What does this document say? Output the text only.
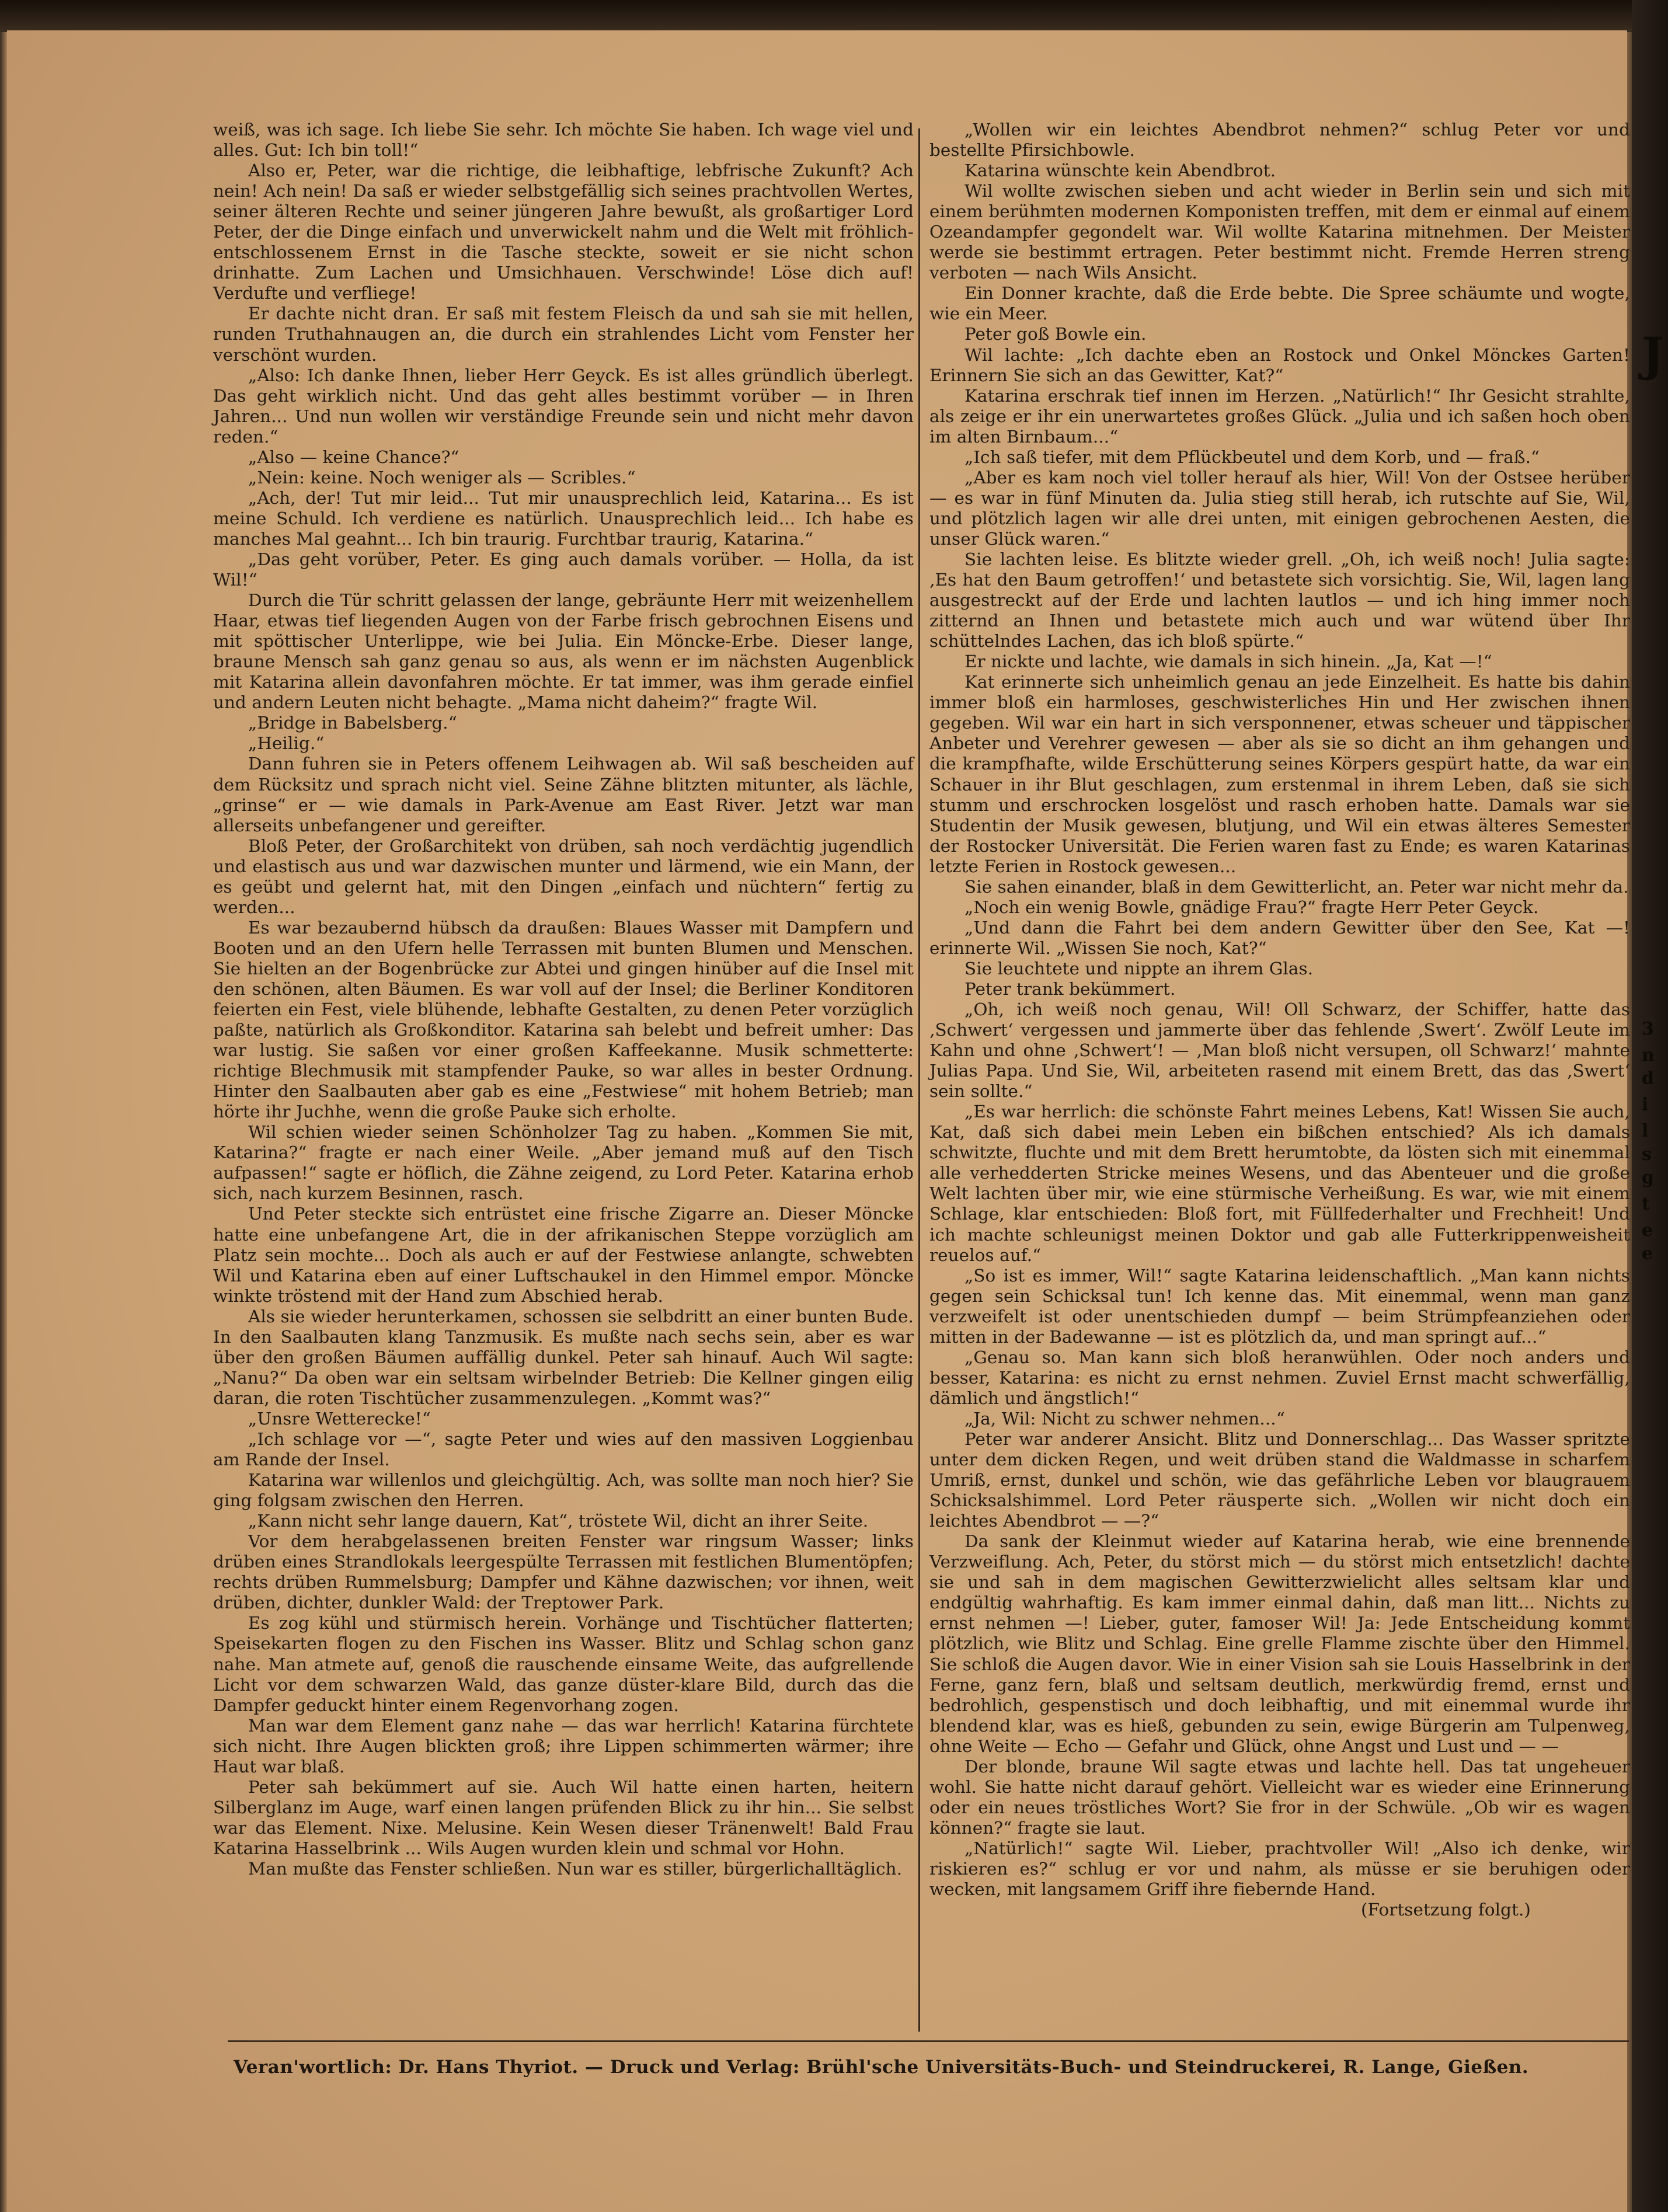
weiß, was ich sage. Ich liebe Sie sehr. Ich möchte Sie haben. Ich wage viel und alles. Gut: Ich bin toll!“

Also er, Peter, war die richtige, die leibhaftige, lebfrische Zukunft? Ach nein! Ach nein! Da saß er wieder selbstgefällig sich seines prachtvollen Wertes, seiner älteren Rechte und seiner jüngeren Jahre bewußt, als großartiger Lord Peter, der die Dinge einfach und unverwickelt nahm und die Welt mit fröhlich-entschlossenem Ernst in die Tasche steckte, soweit er sie nicht schon drinhatte. Zum Lachen und Umsichhauen. Verschwinde! Löse dich auf! Verdufte und verfliege!

Er dachte nicht dran. Er saß mit festem Fleisch da und sah sie mit hellen, runden Truthahnaugen an, die durch ein strahlendes Licht vom Fenster her verschönt wurden.

„Also: Ich danke Ihnen, lieber Herr Geyck. Es ist alles gründlich überlegt. Das geht wirklich nicht. Und das geht alles bestimmt vorüber — in Ihren Jahren... Und nun wollen wir verständige Freunde sein und nicht mehr davon reden.“

„Also — keine Chance?“

„Nein: keine. Noch weniger als — Scribles.“

„Ach, der! Tut mir leid... Tut mir unausprechlich leid, Katarina... Es ist meine Schuld. Ich verdiene es natürlich. Unausprechlich leid... Ich habe es manches Mal geahnt... Ich bin traurig. Furchtbar traurig, Katarina.“

„Das geht vorüber, Peter. Es ging auch damals vorüber. — Holla, da ist Wil!“

Durch die Tür schritt gelassen der lange, gebräunte Herr mit weizenhellem Haar, etwas tief liegenden Augen von der Farbe frisch gebrochnen Eisens und mit spöttischer Unterlippe, wie bei Julia. Ein Möncke-Erbe. Dieser lange, braune Mensch sah ganz genau so aus, als wenn er im nächsten Augenblick mit Katarina allein davonfahren möchte. Er tat immer, was ihm gerade einfiel und andern Leuten nicht behagte. „Mama nicht daheim?“ fragte Wil.

„Bridge in Babelsberg.“

„Heilig.“

Dann fuhren sie in Peters offenem Leihwagen ab. Wil saß bescheiden auf dem Rücksitz und sprach nicht viel. Seine Zähne blitzten mitunter, als lächle, „grinse“ er — wie damals in Park-Avenue am East River. Jetzt war man allerseits unbefangener und gereifter.

Bloß Peter, der Großarchitekt von drüben, sah noch verdächtig jugendlich und elastisch aus und war dazwischen munter und lärmend, wie ein Mann, der es geübt und gelernt hat, mit den Dingen „einfach und nüchtern“ fertig zu werden...

Es war bezaubernd hübsch da draußen: Blaues Wasser mit Dampfern und Booten und an den Ufern helle Terrassen mit bunten Blumen und Menschen. Sie hielten an der Bogenbrücke zur Abtei und gingen hinüber auf die Insel mit den schönen, alten Bäumen. Es war voll auf der Insel; die Berliner Konditoren feierten ein Fest, viele blühende, lebhafte Gestalten, zu denen Peter vorzüglich paßte, natürlich als Großkonditor. Katarina sah belebt und befreit umher: Das war lustig. Sie saßen vor einer großen Kaffeekanne. Musik schmetterte: richtige Blechmusik mit stampfender Pauke, so war alles in bester Ordnung. Hinter den Saalbauten aber gab es eine „Festwiese“ mit hohem Betrieb; man hörte ihr Juchhe, wenn die große Pauke sich erholte.

Wil schien wieder seinen Schönholzer Tag zu haben. „Kommen Sie mit, Katarina?“ fragte er nach einer Weile. „Aber jemand muß auf den Tisch aufpassen!“ sagte er höflich, die Zähne zeigend, zu Lord Peter. Katarina erhob sich, nach kurzem Besinnen, rasch.

Und Peter steckte sich entrüstet eine frische Zigarre an. Dieser Möncke hatte eine unbefangene Art, die in der afrikanischen Steppe vorzüglich am Platz sein mochte... Doch als auch er auf der Festwiese anlangte, schwebten Wil und Katarina eben auf einer Luftschaukel in den Himmel empor. Möncke winkte tröstend mit der Hand zum Abschied herab.

Als sie wieder herunterkamen, schossen sie selbdritt an einer bunten Bude. In den Saalbauten klang Tanzmusik. Es mußte nach sechs sein, aber es war über den großen Bäumen auffällig dunkel. Peter sah hinauf. Auch Wil sagte: „Nanu?“ Da oben war ein seltsam wirbelnder Betrieb: Die Kellner gingen eilig daran, die roten Tischtücher zusammenzulegen. „Kommt was?“

„Unsre Wetterecke!“

„Ich schlage vor —“, sagte Peter und wies auf den massiven Loggienbau am Rande der Insel.

Katarina war willenlos und gleichgültig. Ach, was sollte man noch hier? Sie ging folgsam zwischen den Herren.

„Kann nicht sehr lange dauern, Kat“, tröstete Wil, dicht an ihrer Seite.

Vor dem herabgelassenen breiten Fenster war ringsum Wasser; links drüben eines Strandlokals leergespülte Terrassen mit festlichen Blumentöpfen; rechts drüben Rummelsburg; Dampfer und Kähne dazwischen; vor ihnen, weit drüben, dichter, dunkler Wald: der Treptower Park.

Es zog kühl und stürmisch herein. Vorhänge und Tischtücher flatterten; Speisekarten flogen zu den Fischen ins Wasser. Blitz und Schlag schon ganz nahe. Man atmete auf, genoß die rauschende einsame Weite, das aufgrellende Licht vor dem schwarzen Wald, das ganze düster-klare Bild, durch das die Dampfer geduckt hinter einem Regenvorhang zogen.

Man war dem Element ganz nahe — das war herrlich! Katarina fürchtete sich nicht. Ihre Augen blickten groß; ihre Lippen schimmerten wärmer; ihre Haut war blaß.

Peter sah bekümmert auf sie. Auch Wil hatte einen harten, heitern Silberglanz im Auge, warf einen langen prüfenden Blick zu ihr hin... Sie selbst war das Element. Nixe. Melusine. Kein Wesen dieser Tränenwelt! Bald Frau Katarina Hasselbrink ... Wils Augen wurden klein und schmal vor Hohn.

Man mußte das Fenster schließen. Nun war es stiller, bürgerlichalltäglich.

„Wollen wir ein leichtes Abendbrot nehmen?“ schlug Peter vor und bestellte Pfirsichbowle.

Katarina wünschte kein Abendbrot.

Wil wollte zwischen sieben und acht wieder in Berlin sein und sich mit einem berühmten modernen Komponisten treffen, mit dem er einmal auf einem Ozeandampfer gegondelt war. Wil wollte Katarina mitnehmen. Der Meister werde sie bestimmt ertragen. Peter bestimmt nicht. Fremde Herren streng verboten — nach Wils Ansicht.

Ein Donner krachte, daß die Erde bebte. Die Spree schäumte und wogte, wie ein Meer.

Peter goß Bowle ein.

Wil lachte: „Ich dachte eben an Rostock und Onkel Mönckes Garten! Erinnern Sie sich an das Gewitter, Kat?“

Katarina erschrak tief innen im Herzen. „Natürlich!“ Ihr Gesicht strahlte, als zeige er ihr ein unerwartetes großes Glück. „Julia und ich saßen hoch oben im alten Birnbaum...“

„Ich saß tiefer, mit dem Pflückbeutel und dem Korb, und — fraß.“

„Aber es kam noch viel toller herauf als hier, Wil! Von der Ostsee herüber — es war in fünf Minuten da. Julia stieg still herab, ich rutschte auf Sie, Wil, und plötzlich lagen wir alle drei unten, mit einigen gebrochenen Aesten, die unser Glück waren.“

Sie lachten leise. Es blitzte wieder grell. „Oh, ich weiß noch! Julia sagte: ‚Es hat den Baum getroffen!‘ und betastete sich vorsichtig. Sie, Wil, lagen lang ausgestreckt auf der Erde und lachten lautlos — und ich hing immer noch zitternd an Ihnen und betastete mich auch und war wütend über Ihr schüttelndes Lachen, das ich bloß spürte.“

Er nickte und lachte, wie damals in sich hinein. „Ja, Kat —!“

Kat erinnerte sich unheimlich genau an jede Einzelheit. Es hatte bis dahin immer bloß ein harmloses, geschwisterliches Hin und Her zwischen ihnen gegeben. Wil war ein hart in sich versponnener, etwas scheuer und täppischer Anbeter und Verehrer gewesen — aber als sie so dicht an ihm gehangen und die krampfhafte, wilde Erschütterung seines Körpers gespürt hatte, da war ein Schauer in ihr Blut geschlagen, zum erstenmal in ihrem Leben, daß sie sich stumm und erschrocken losgelöst und rasch erhoben hatte. Damals war sie Studentin der Musik gewesen, blutjung, und Wil ein etwas älteres Semester der Rostocker Universität. Die Ferien waren fast zu Ende; es waren Katarinas letzte Ferien in Rostock gewesen...

Sie sahen einander, blaß in dem Gewitterlicht, an. Peter war nicht mehr da.

„Noch ein wenig Bowle, gnädige Frau?“ fragte Herr Peter Geyck.

„Und dann die Fahrt bei dem andern Gewitter über den See, Kat —! erinnerte Wil. „Wissen Sie noch, Kat?“

Sie leuchtete und nippte an ihrem Glas.

Peter trank bekümmert.

„Oh, ich weiß noch genau, Wil! Oll Schwarz, der Schiffer, hatte das ‚Schwert‘ vergessen und jammerte über das fehlende ‚Swert‘. Zwölf Leute im Kahn und ohne ‚Schwert‘! — ‚Man bloß nicht versupen, oll Schwarz!‘ mahnte Julias Papa. Und Sie, Wil, arbeiteten rasend mit einem Brett, das das ‚Swert‘ sein sollte.“

„Es war herrlich: die schönste Fahrt meines Lebens, Kat! Wissen Sie auch, Kat, daß sich dabei mein Leben ein bißchen entschied? Als ich damals schwitzte, fluchte und mit dem Brett herumtobte, da lösten sich mit einemmal alle verhedderten Stricke meines Wesens, und das Abenteuer und die große Welt lachten über mir, wie eine stürmische Verheißung. Es war, wie mit einem Schlage, klar entschieden: Bloß fort, mit Füllfederhalter und Frechheit! Und ich machte schleunigst meinen Doktor und gab alle Futterkrippenweisheit reuelos auf.“

„So ist es immer, Wil!“ sagte Katarina leidenschaftlich. „Man kann nichts gegen sein Schicksal tun! Ich kenne das. Mit einemmal, wenn man ganz verzweifelt ist oder unentschieden dumpf — beim Strümpfeanziehen oder mitten in der Badewanne — ist es plötzlich da, und man springt auf...“

„Genau so. Man kann sich bloß heranwühlen. Oder noch anders und besser, Katarina: es nicht zu ernst nehmen. Zuviel Ernst macht schwerfällig, dämlich und ängstlich!“

„Ja, Wil: Nicht zu schwer nehmen...“

Peter war anderer Ansicht. Blitz und Donnerschlag... Das Wasser spritzte unter dem dicken Regen, und weit drüben stand die Waldmasse in scharfem Umriß, ernst, dunkel und schön, wie das gefährliche Leben vor blaugrauem Schicksalshimmel. Lord Peter räusperte sich. „Wollen wir nicht doch ein leichtes Abendbrot — —?“

Da sank der Kleinmut wieder auf Katarina herab, wie eine brennende Verzweiflung. Ach, Peter, du störst mich — du störst mich entsetzlich! dachte sie und sah in dem magischen Gewitterzwielicht alles seltsam klar und endgültig wahrhaftig. Es kam immer einmal dahin, daß man litt... Nichts zu ernst nehmen —! Lieber, guter, famoser Wil! Ja: Jede Entscheidung kommt plötzlich, wie Blitz und Schlag. Eine grelle Flamme zischte über den Himmel. Sie schloß die Augen davor. Wie in einer Vision sah sie Louis Hasselbrink in der Ferne, ganz fern, blaß und seltsam deutlich, merkwürdig fremd, ernst und bedrohlich, gespenstisch und doch leibhaftig, und mit einemmal wurde ihr blendend klar, was es hieß, gebunden zu sein, ewige Bürgerin am Tulpenweg, ohne Weite — Echo — Gefahr und Glück, ohne Angst und Lust und — —

Der blonde, braune Wil sagte etwas und lachte hell. Das tat ungeheuer wohl. Sie hatte nicht darauf gehört. Vielleicht war es wieder eine Erinnerung oder ein neues tröstliches Wort? Sie fror in der Schwüle. „Ob wir es wagen können?“ fragte sie laut.

„Natürlich!“ sagte Wil. Lieber, prachtvoller Wil! „Also ich denke, wir riskieren es?“ schlug er vor und nahm, als müsse er sie beruhigen oder wecken, mit langsamem Griff ihre fiebernde Hand.

(Fortsetzung folgt.)

Veran'wortlich: Dr. Hans Thyriot. — Druck und Verlag: Brühl'sche Universitäts-Buch- und Steindruckerei, R. Lange, Gießen.
J
3
n
d
i
l
s
g
t
e
e
